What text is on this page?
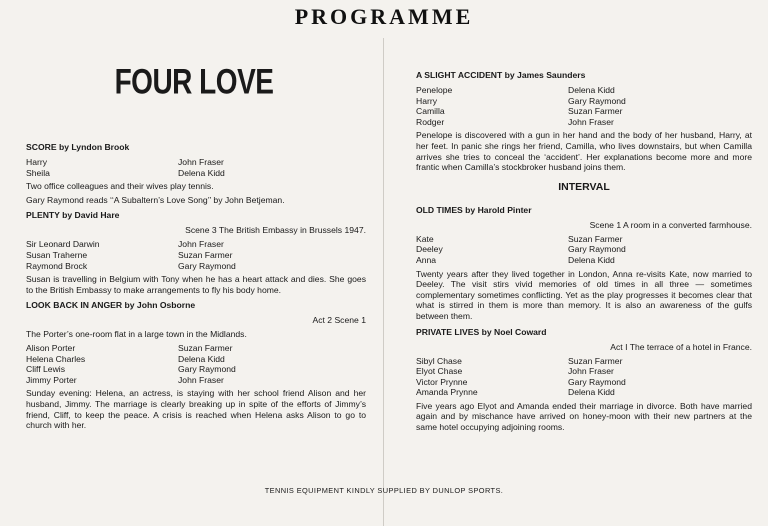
PROGRAMME
FOUR LOVE
SCORE by Lyndon Brook
Harry	John Fraser
Sheila	Delena Kidd

Two office colleagues and their wives play tennis.

Gary Raymond reads ‘‘A Subaltern’s Love Song’’ by John Betjeman.

PLENTY by David Hare
Scene 3 The British Embassy in Brussels 1947.
Sir Leonard Darwin	John Fraser
Susan Traherne	Suzan Farmer
Raymond Brock	Gary Raymond

Susan is travelling in Belgium with Tony when he has a heart attack and dies. She goes to the British Embassy to make arrangements to fly his body home.

LOOK BACK IN ANGER by John Osborne
Act 2 Scene 1

The Porter’s one-room flat in a large town in the Midlands.

Alison Porter	Suzan Farmer
Helena Charles	Delena Kidd
Cliff Lewis	Gary Raymond
Jimmy Porter	John Fraser

Sunday evening: Helena, an actress, is staying with her school friend Alison and her husband, Jimmy. The marriage is clearly breaking up in spite of the efforts of Jimmy’s friend, Cliff, to keep the peace. A crisis is reached when Helena asks Alison to go to church with her.

A SLIGHT ACCIDENT by James Saunders
Penelope	Delena Kidd
Harry	Gary Raymond
Camilla	Suzan Farmer
Rodger	John Fraser

Penelope is discovered with a gun in her hand and the body of her husband, Harry, at her feet. In panic she rings her friend, Camilla, who lives downstairs, but when Camilla arrives she tries to conceal the ‘accident’. Her explanations become more and more frantic when Camilla’s stockbroker husband joins them.

INTERVAL
OLD TIMES by Harold Pinter
Scene 1 A room in a converted farmhouse.
Kate	Suzan Farmer
Deeley	Gary Raymond
Anna	Delena Kidd

Twenty years after they lived together in London, Anna re-visits Kate, now married to Deeley. The visit stirs vivid memories of old times in all three — sometimes complementary sometimes conflicting. Yet as the play progresses it becomes clear that what is stirred in them is more than memory. It is also an awareness of the gulfs between them.

PRIVATE LIVES by Noel Coward
Act I The terrace of a hotel in France.
Sibyl Chase	Suzan Farmer
Elyot Chase	John Fraser
Victor Prynne	Gary Raymond
Amanda Prynne	Delena Kidd

Five years ago Elyot and Amanda ended their marriage in divorce. Both have married again and by mischance have arrived on honey-moon with their new partners at the same hotel occupying adjoining rooms.

TENNIS EQUIPMENT KINDLY SUPPLIED BY DUNLOP SPORTS.
